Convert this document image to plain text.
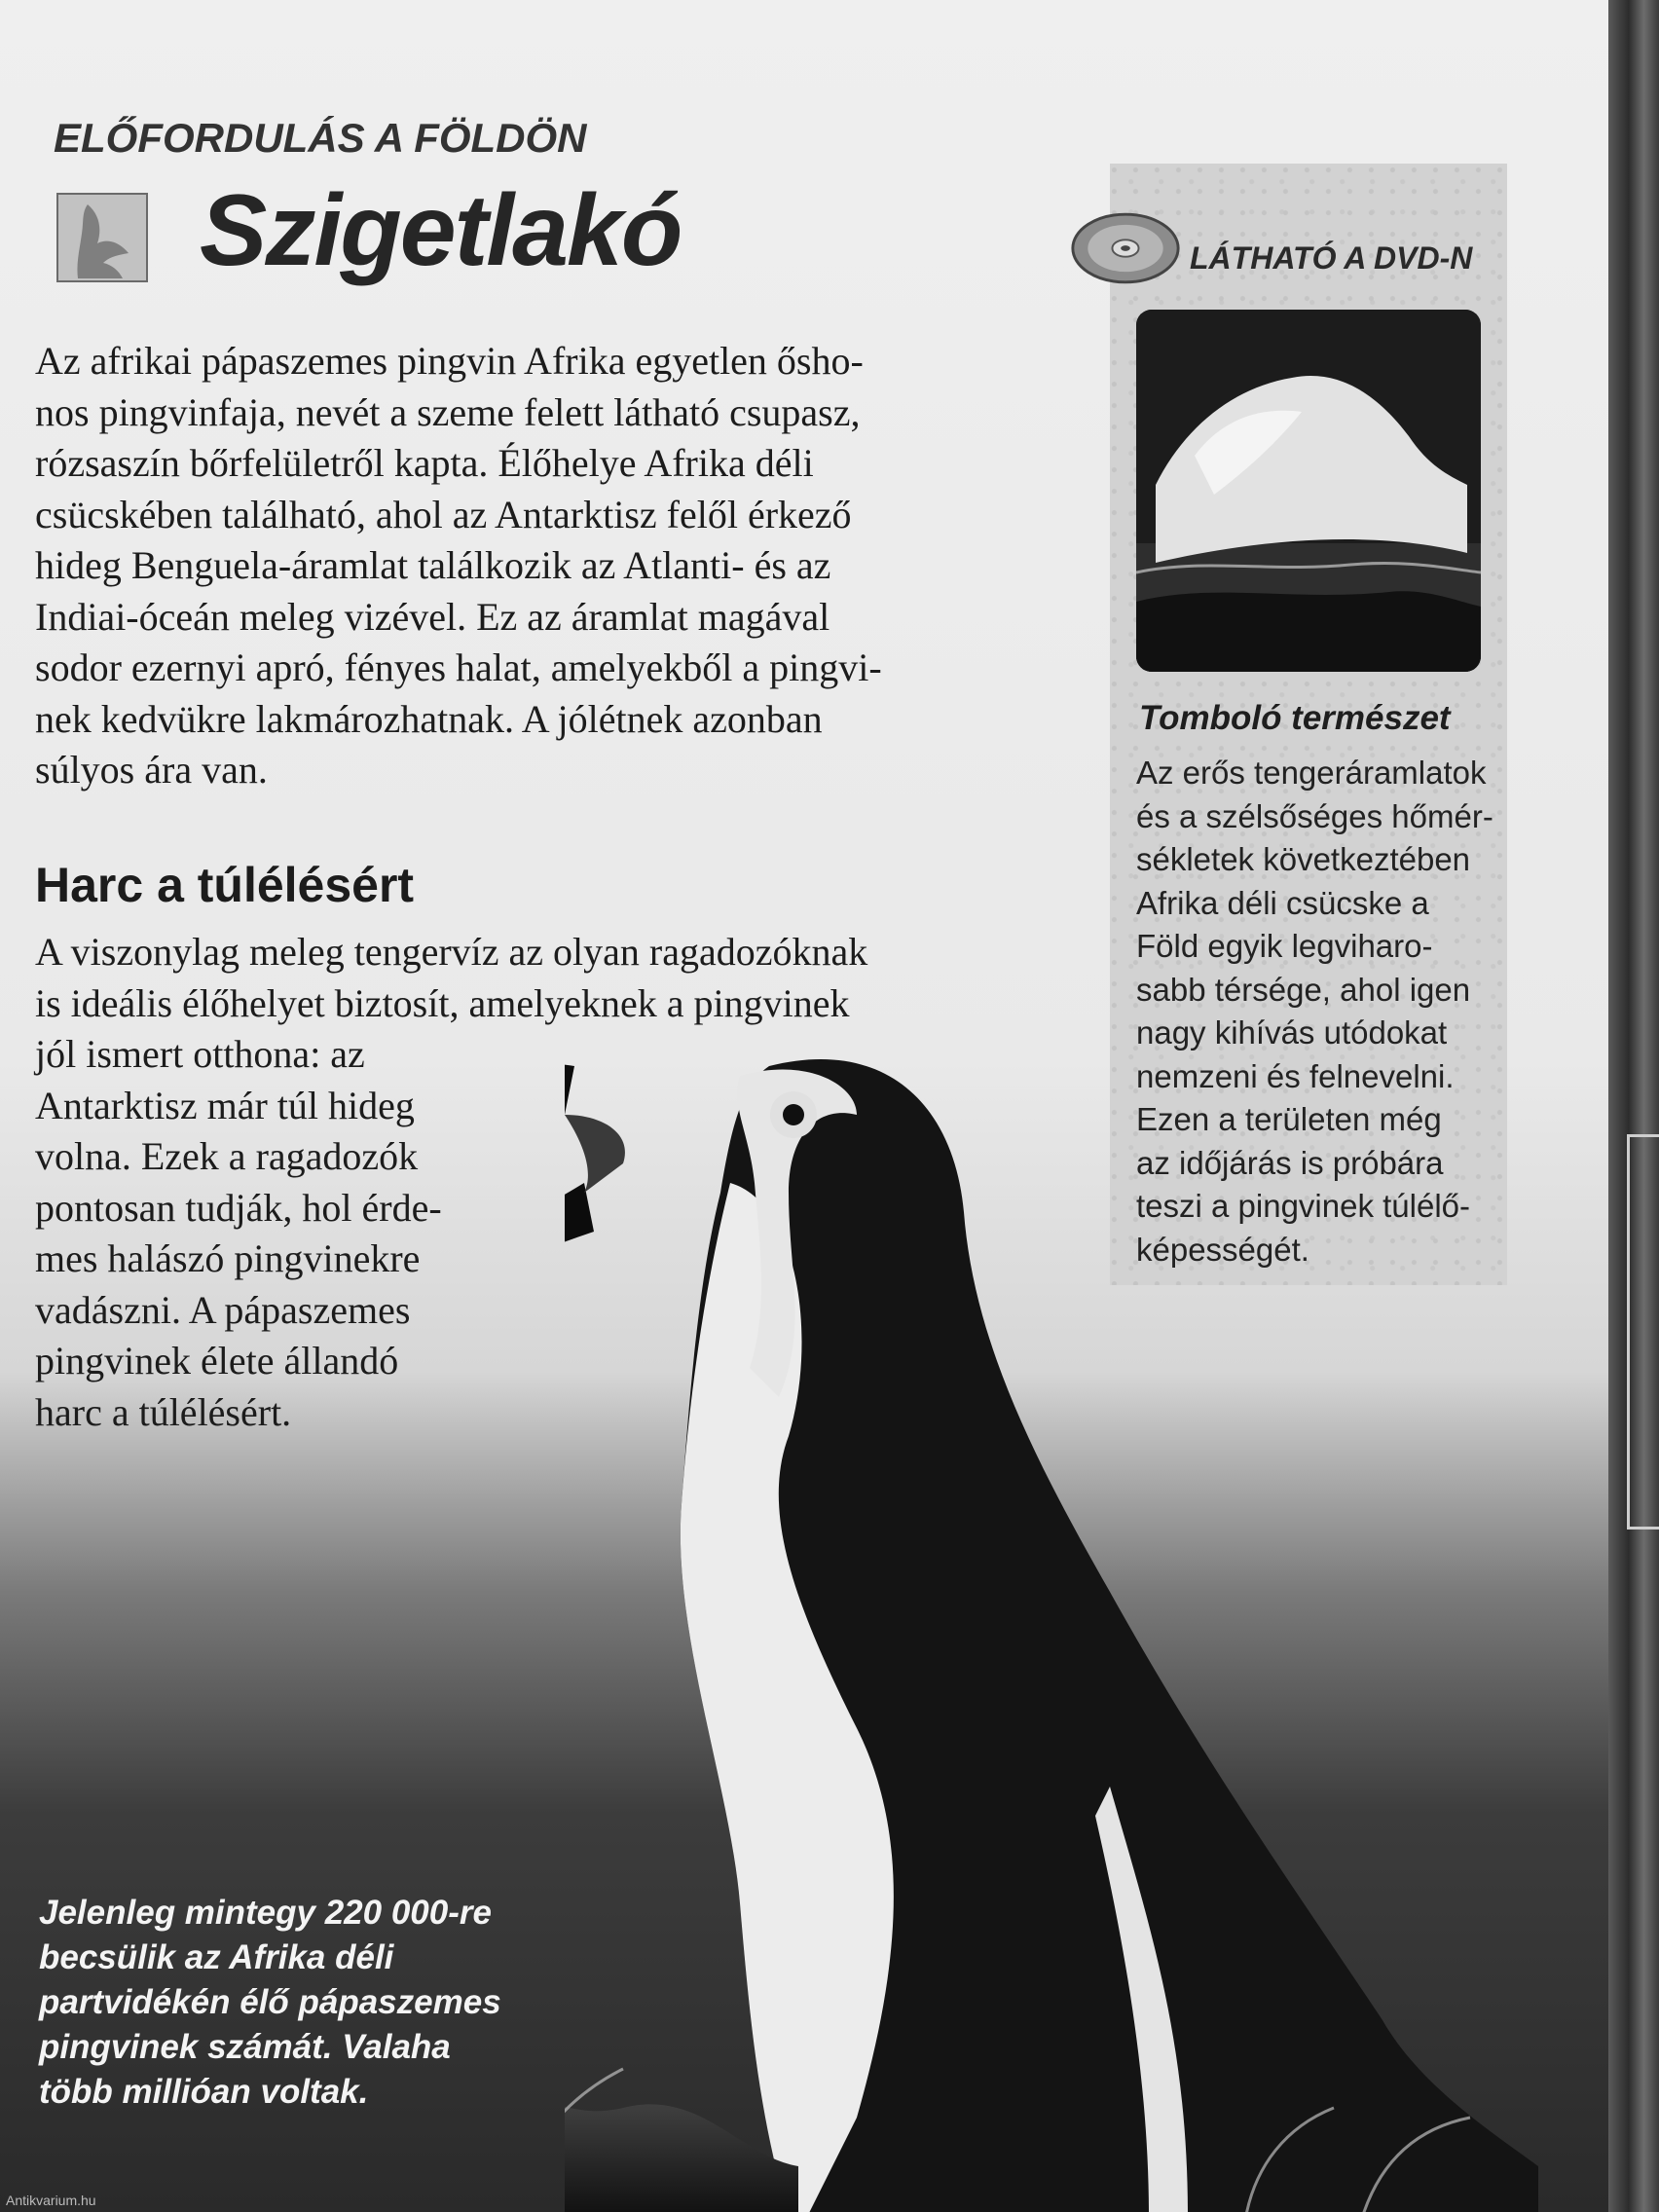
ELŐFORDULÁS A FÖLDÖN
Szigetlakó
Az afrikai pápaszemes pingvin Afrika egyetlen ősho-
nos pingvinfaja, nevét a szeme felett látható csupasz,
rózsaszín bőrfelületről kapta. Élőhelye Afrika déli
csücskében található, ahol az Antarktisz felől érkező
hideg Benguela-áramlat találkozik az Atlanti- és az
Indiai-óceán meleg vizével. Ez az áramlat magával
sodor ezernyi apró, fényes halat, amelyekből a pingvi-
nek kedvükre lakmározhatnak. A jólétnek azonban
súlyos ára van.
Harc a túlélésért
A viszonylag meleg tengervíz az olyan ragadozóknak
is ideális élőhelyet biztosít, amelyeknek a pingvinek
jól ismert otthona: az
Antarktisz már túl hideg
volna. Ezek a ragadozók
pontosan tudják, hol érde-
mes halászó pingvinekre
vadászni. A pápaszemes
pingvinek élete állandó
harc a túlélésért.
Jelenleg mintegy 220 000-re
becsülik az Afrika déli
partvidékén élő pápaszemes
pingvinek számát. Valaha
több millióan voltak.
LÁTHATÓ A DVD-N
Tomboló természet
Az erős tengeráramlatok
és a szélsőséges hőmér-
sékletek következtében
Afrika déli csücske a
Föld egyik legviharo-
sabb térsége, ahol igen
nagy kihívás utódokat
nemzeni és felnevelni.
Ezen a területen még
az időjárás is próbára
teszi a pingvinek túlélő-
képességét.
Antikvarium.hu
